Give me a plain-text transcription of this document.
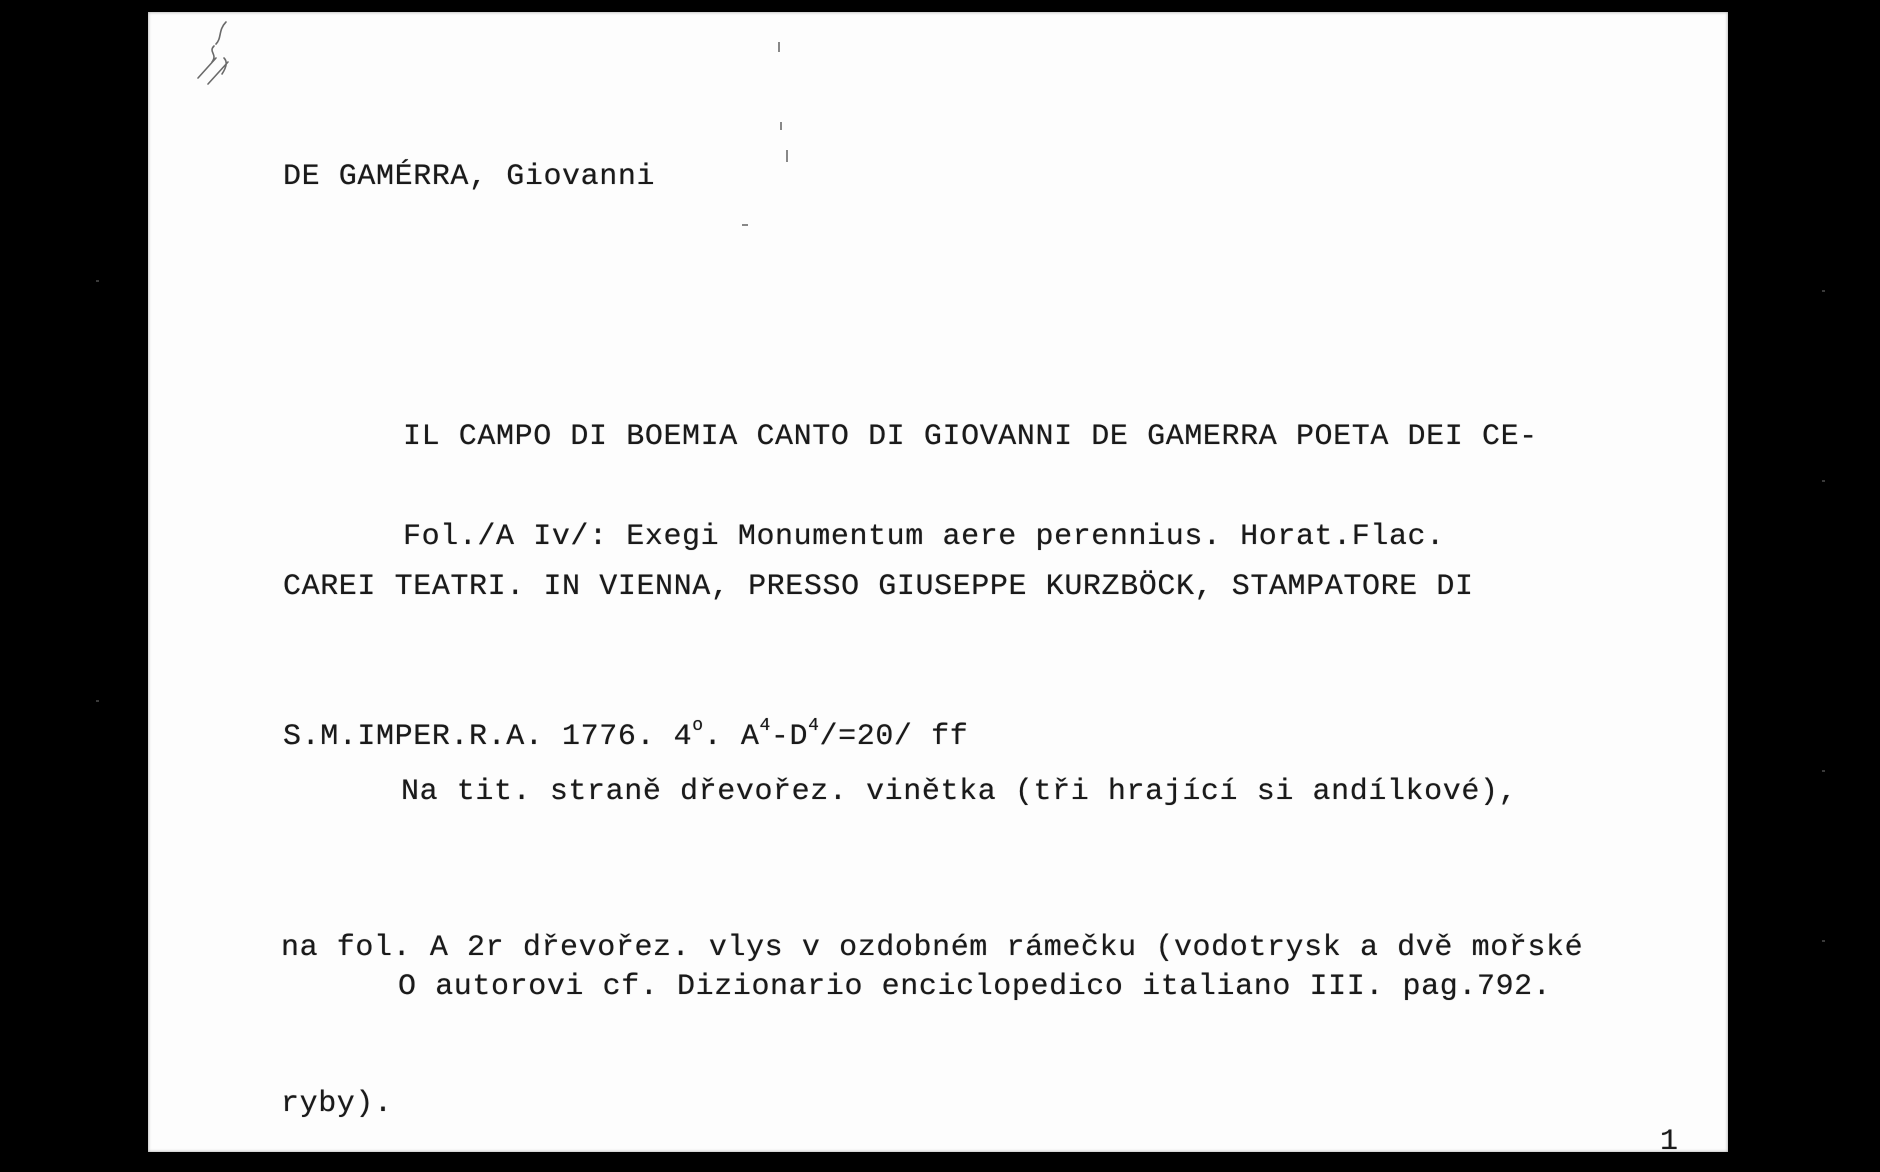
DE GAMÉRRA, Giovanni

IL CAMPO DI BOEMIA CANTO DI GIOVANNI DE GAMERRA POETA DEI CE-

CAREI TEATRI. IN VIENNA, PRESSO GIUSEPPE KURZBÖCK, STAMPATORE DI

S.M.IMPER.R.A. 1776. 4$^o$. $A^4-D^4/=20/$ ff

Fol./A Iv/: Exegi Monumentum aere perennius. Horat.Flac.

Na tit. straně dřevořez. vinětka (tři hrající si andílkové),

na fol. A 2r dřevořez. vlys v ozdobném rámečku (vodotrysk a dvě mořské

ryby).

O autorovi cf. Dizionario enciclopedico italiano III. pag.792.
1
